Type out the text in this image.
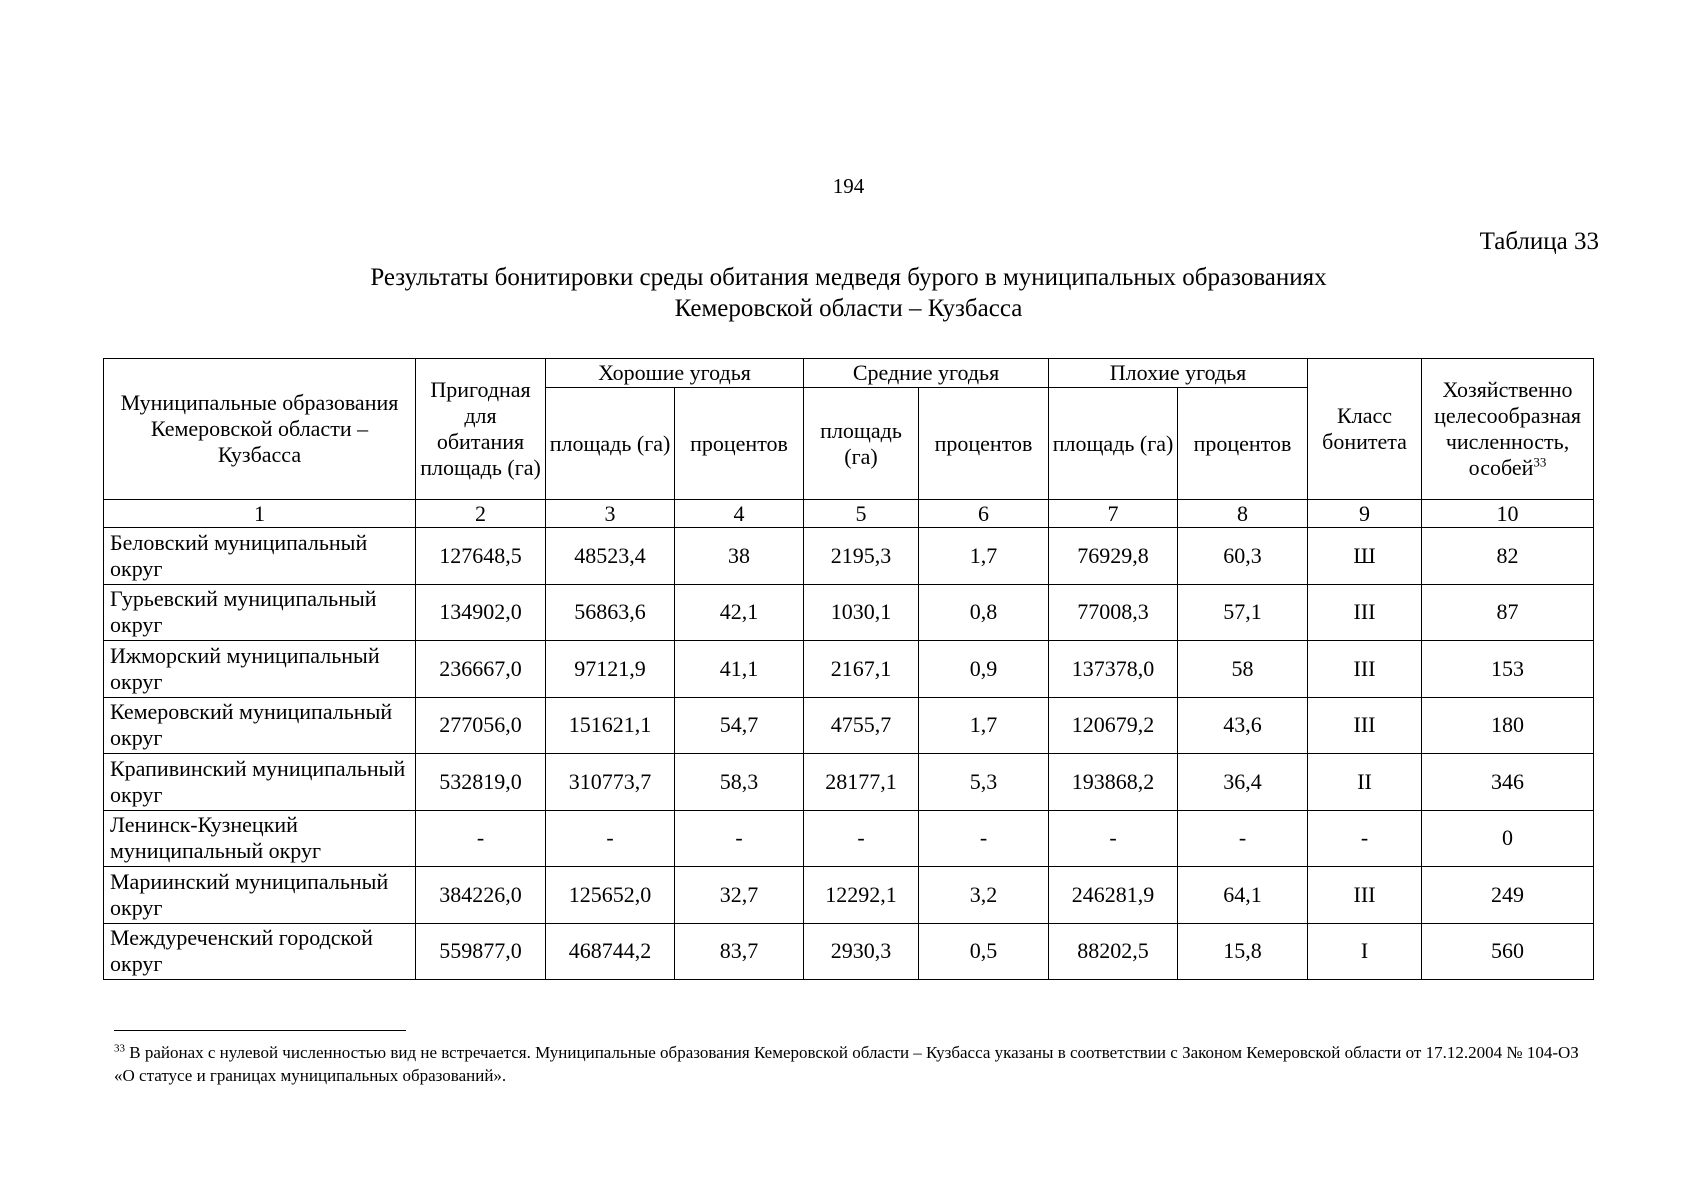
194
Таблица 33
Результаты бонитировки среды обитания медведя бурого в муниципальных образованиях
Кемеровской области – Кузбасса
Муниципальные образования Кемеровской области – Кузбасса	Пригодная для обитания площадь (га)	Хорошие угодья		Средние угодья		Плохие угодья		Класс бонитета	Хозяйственно целесообразная численность, особей$^{33}$
		площадь (га)	процентов	площадь (га)	процентов	площадь (га)	процентов		
1	2	3	4	5	6	7	8	9	10
Беловский муниципальный округ	127648,5	48523,4	38	2195,3	1,7	76929,8	60,3	Ш	82
Гурьевский муниципальный округ	134902,0	56863,6	42,1	1030,1	0,8	77008,3	57,1	III	87
Ижморский муниципальный округ	236667,0	97121,9	41,1	2167,1	0,9	137378,0	58	III	153
Кемеровский муниципальный округ	277056,0	151621,1	54,7	4755,7	1,7	120679,2	43,6	III	180
Крапивинский муниципальный округ	532819,0	310773,7	58,3	28177,1	5,3	193868,2	36,4	II	346
Ленинск-Кузнецкий муниципальный округ	-	-	-	-	-	-	-	-	0
Мариинский муниципальный округ	384226,0	125652,0	32,7	12292,1	3,2	246281,9	64,1	III	249
Междуреченский городской округ	559877,0	468744,2	83,7	2930,3	0,5	88202,5	15,8	I	560
$^{33}$ В районах с нулевой численностью вид не встречается. Муниципальные образования Кемеровской области – Кузбасса указаны в соответствии с Законом Кемеровской области от 17.12.2004 № 104-ОЗ «О статусе и границах муниципальных образований».
